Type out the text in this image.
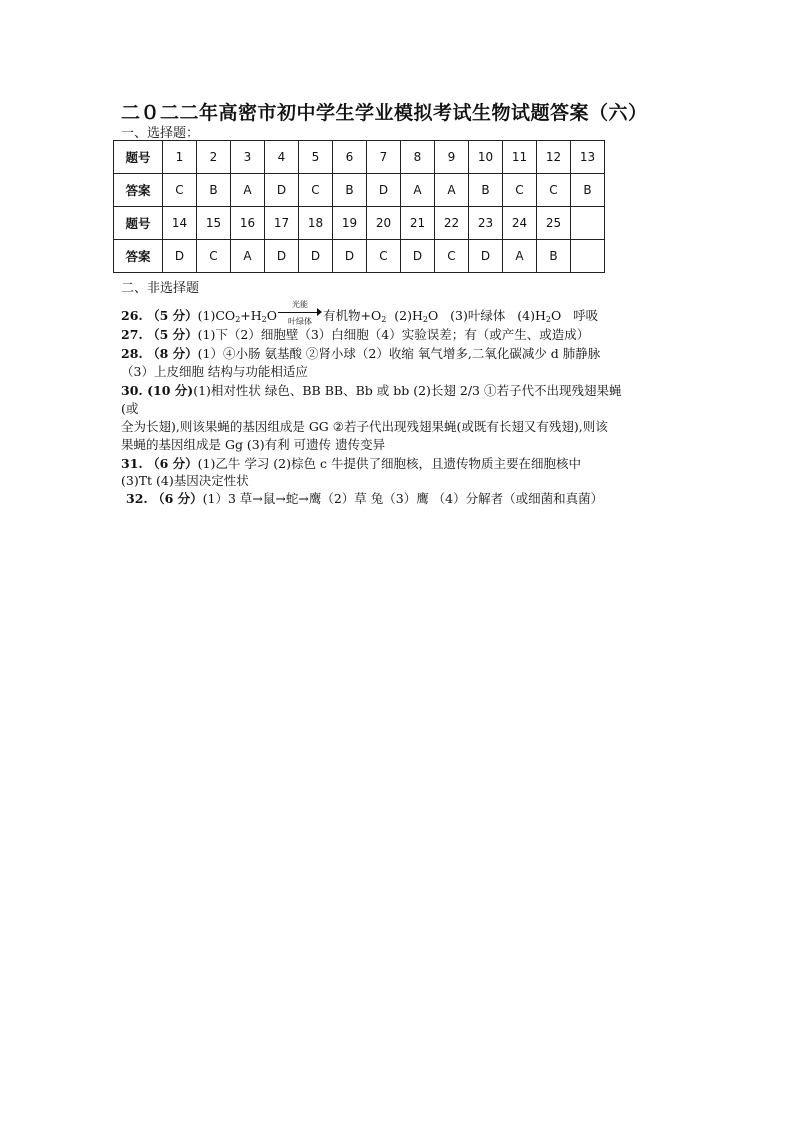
二０二二年高密市初中学生学业模拟考试生物试题答案（六）
一、选择题：
题号	1	2	3	4	5	6	7	8	9	10	11	12	13
答案	C	B	A	D	C	B	D	A	A	B	C	C	B
题号	14	15	16	17	18	19	20	21	22	23	24	25	
答案	D	C	A	D	D	D	C	D	C	D	A	B	
二、非选择题
26. （5 分）$(1)CO_2+H_2O$
光能
叶绿体 有机物$+O_2$  $(2)H_2O$   (3)叶绿体   $(4)H_2O$   呼吸
27. （5 分）(1)下（2）细胞壁（3）白细胞（4）实验误差；有（或产生、或造成）
28. （8 分）(1）④小肠 氨基酸 ②肾小球（2）收缩 氧气增多,二氧化碳减少 d 肺静脉
（3）上皮细胞 结构与功能相适应
30. (10 分)(1)相对性状 绿色、BB BB、Bb 或 bb (2)长翅 2/3 ①若子代不出现残翅果蝇
(或
全为长翅),则该果蝇的基因组成是 GG ②若子代出现残翅果蝇(或既有长翅又有残翅),则该
果蝇的基因组成是 Gg (3)有利 可遗传 遗传变异
31. （6 分）(1)乙牛 学习 (2)棕色 c 牛提供了细胞核，且遗传物质主要在细胞核中
(3)Tt (4)基因决定性状
32. （6 分）(1）3 草→鼠→蛇→鹰（2）草 兔（3）鹰 （4）分解者（或细菌和真菌）
